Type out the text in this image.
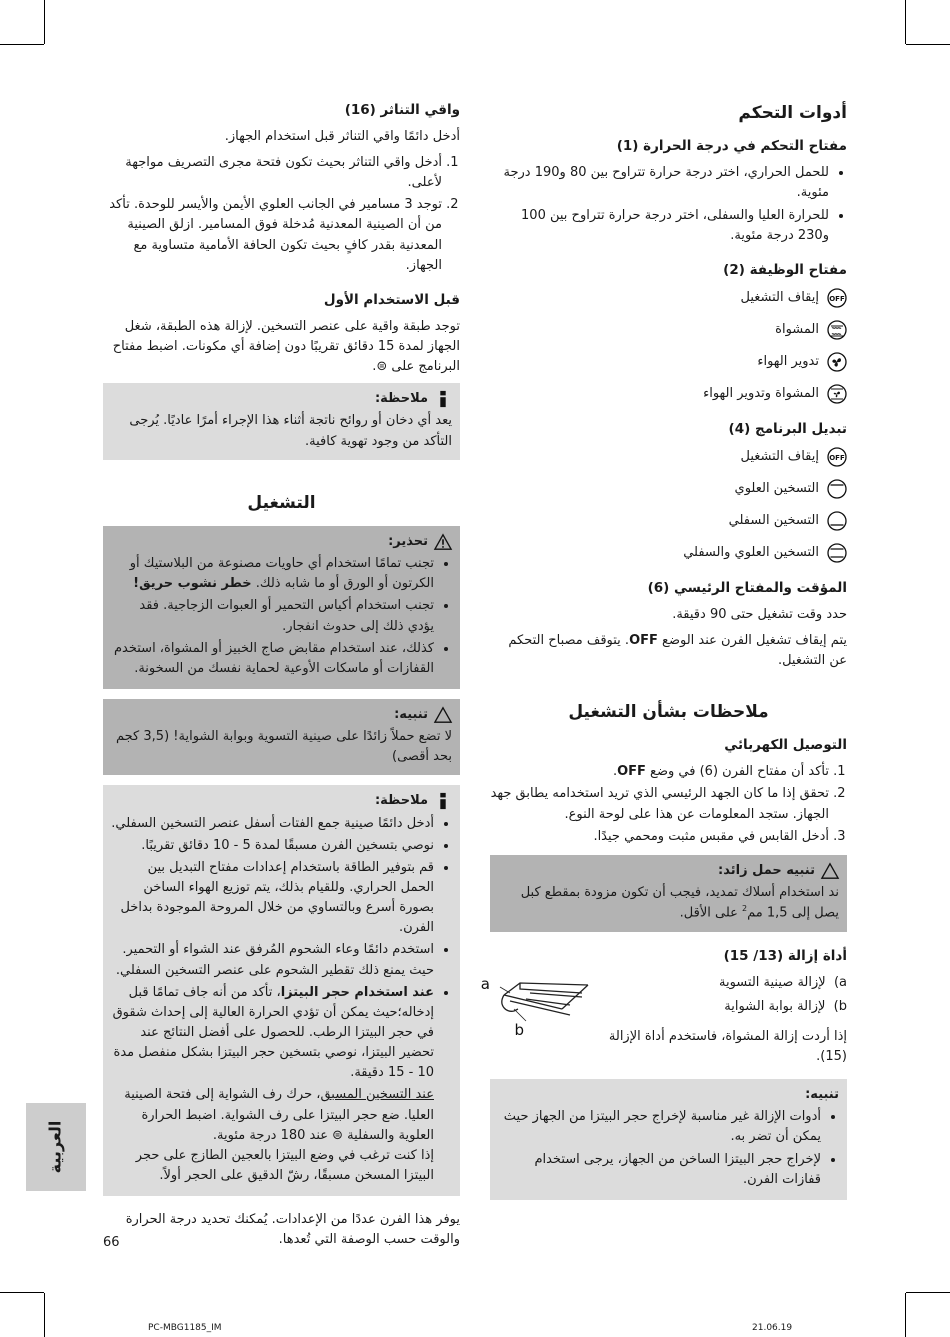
أدوات التحكم
مفتاح التحكم في درجة الحرارة (1)
• للحمل الحراري، اختر درجة حرارة تتراوح بين 80 و190 درجة مئوية.
• للحرارة العليا والسفلى، اختر درجة حرارة تتراوح بين 100 و230 درجة مئوية.
مفتاح الوظيفة (2)
OFF
إيقاف التشغيل
المشواة
تدوير الهواء
المشواة وتدوير الهواء
تبديل البرنامج (4)
OFF
إيقاف التشغيل
التسخين العلوي
التسخين السفلي
التسخين العلوي والسفلي
المؤقت والمفتاح الرئيسي (6)

حدد وقت تشغيل حتى 90 دقيقة.

يتم إيقاف تشغيل الفرن عند الوضع OFF. يتوقف مصباح التحكم عن التشغيل.

ملاحظات بشأن التشغيل
التوصيل الكهربائي
1. تأكد أن مفتاح الفرن (6) في وضع OFF.
2. تحقق إذا ما كان الجهد الرئيسي الذي تريد استخدامه يطابق جهد الجهاز. ستجد المعلومات عن هذا على لوحة النوع.
3. أدخل القابس في مقبس مثبت ومحمي جيدًا.
تنبيه حمل زائد:
ند استخدام أسلاك تمديد، فيجب أن تكون مزودة بمقطع كبل يصل إلى 1,5 مم$^2$ على الأقل.
أداة إزالة (13/ 15)
a)  لإزالة صينية التسوية
b)  لإزالة بوابة الشواية

إذا أردت إزالة المشواة، فاستخدم أداة الإزالة (15).

a
b
تنبيه:
• أدوات الإزالة غير مناسبة لإخراج حجر البيتزا من الجهاز حيث يمكن أن تضر به.
• لإخراج حجر البيتزا الساخن من الجهاز، يرجى استخدام قفازات الفرن.
واقي التناثر (16)

أدخل دائمًا واقي التناثر قبل استخدام الجهاز.

1. أدخل واقي التناثر بحيث تكون فتحة مجرى التصريف مواجهة لأعلى.
2. توجد 3 مسامير في الجانب العلوي الأيمن والأيسر للوحدة. تأكد من أن الصينية المعدنية مُدخلة فوق المسامير. ازلق الصينية المعدنية بقدر كافٍ بحيث تكون الحافة الأمامية متساوية مع الجهاز.
قبل الاستخدام الأول

توجد طبقة واقية على عنصر التسخين. لإزالة هذه الطبقة، شغل الجهاز لمدة 15 دقائق تقريبًا دون إضافة أي مكونات. اضبط مفتاح البرنامج على ⊜.

ملاحظة:
يعد أي دخان أو روائح ناتجة أثناء هذا الإجراء أمرًا عاديًا. يُرجى التأكد من وجود تهوية كافية.
التشغيل
تحذير:
• تجنب تمامًا استخدام أي حاويات مصنوعة من البلاستيك أو الكرتون أو الورق أو ما شابه ذلك. خطر نشوب حريق!
• تجنب استخدام أكياس التحمير أو العبوات الزجاجية. فقد يؤدي ذلك إلى حدوث انفجار.
• كذلك، عند استخدام مقابض صاج الخبيز أو المشواة، استخدم القفازات أو ماسكات الأوعية لحماية نفسك من السخونة.
تنبيه:
لا تضع حملاً زائدًا على صينية التسوية وبوابة الشواية! (3,5 كجم بحد أقصى)
ملاحظة:
• أدخل دائمًا صينية جمع الفتات أسفل عنصر التسخين السفلي.
• نوصي بتسخين الفرن مسبقًا لمدة 5 - 10 دقائق تقريبًا.
• قم بتوفير الطاقة باستخدام إعدادات مفتاح التبديل بين الحمل الحراري. وللقيام بذلك، يتم توزيع الهواء الساخن بصورة أسرع وبالتساوي من خلال المروحة الموجودة بداخل الفرن.
• استخدم دائمًا وعاء الشحوم المُرفق عند الشواء أو التحمير. حيث يمنع ذلك تقطير الشحوم على عنصر التسخين السفلي.
• عند استخدام حجر البيتزا، تأكد من أنه جاف تمامًا قبل إدخاله؛حيث يمكن أن تؤدي الحرارة العالية إلى إحداث شقوق في حجر البيتزا الرطب. للحصول على أفضل النتائج عند تحضير البيتزا، نوصي بتسخين حجر البيتزا بشكل منفصل مدة 10 - 15 دقيقة.
عند التسخين المسبق، حرك رف الشواية إلى فتحة الصينية العليا. ضع حجر البيتزا على رف الشواية. اضبط الحرارة العلوية والسفلية ⊜ عند 180 درجة مئوية.
إذا كنت ترغب في وضع البيتزا بالعجين الطازج على حجر البيتزا المسخن مسبقًا، رشّ الدقيق على الحجر أولاً.

يوفر هذا الفرن عددًا من الإعدادات. يُمكنك تحديد درجة الحرارة والوقت حسب الوصفة التي تُعدها.

العربية
66
PC-MBG1185_IM	21.06.19
